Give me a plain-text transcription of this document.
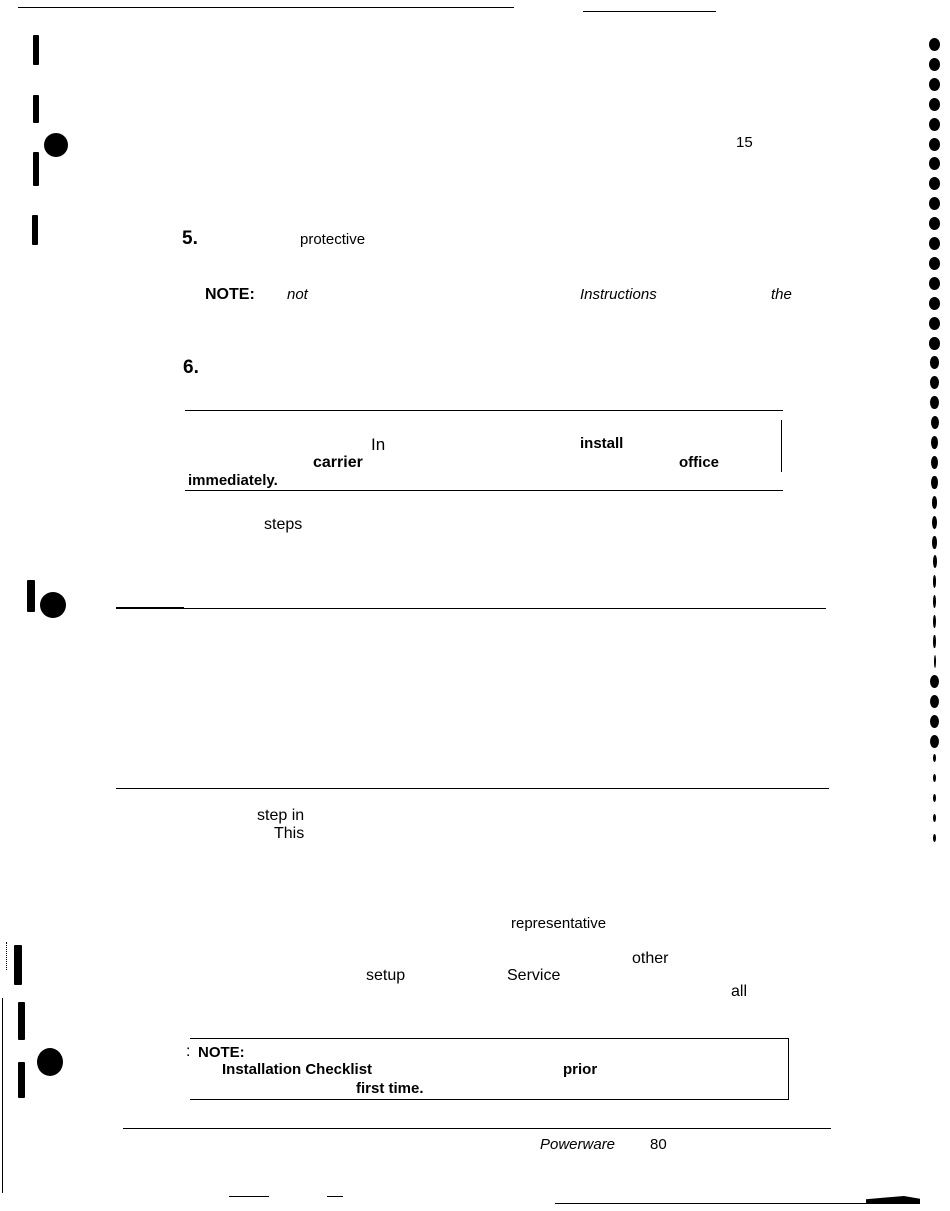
15
5.	protective
NOTE: not	Instructions	the
6.
In	install
carrier	office
immediately.
steps
step in
This
representative
other
setup	Service
all
: NOTE:
Installation Checklist	prior
first time.
Powerware 80
